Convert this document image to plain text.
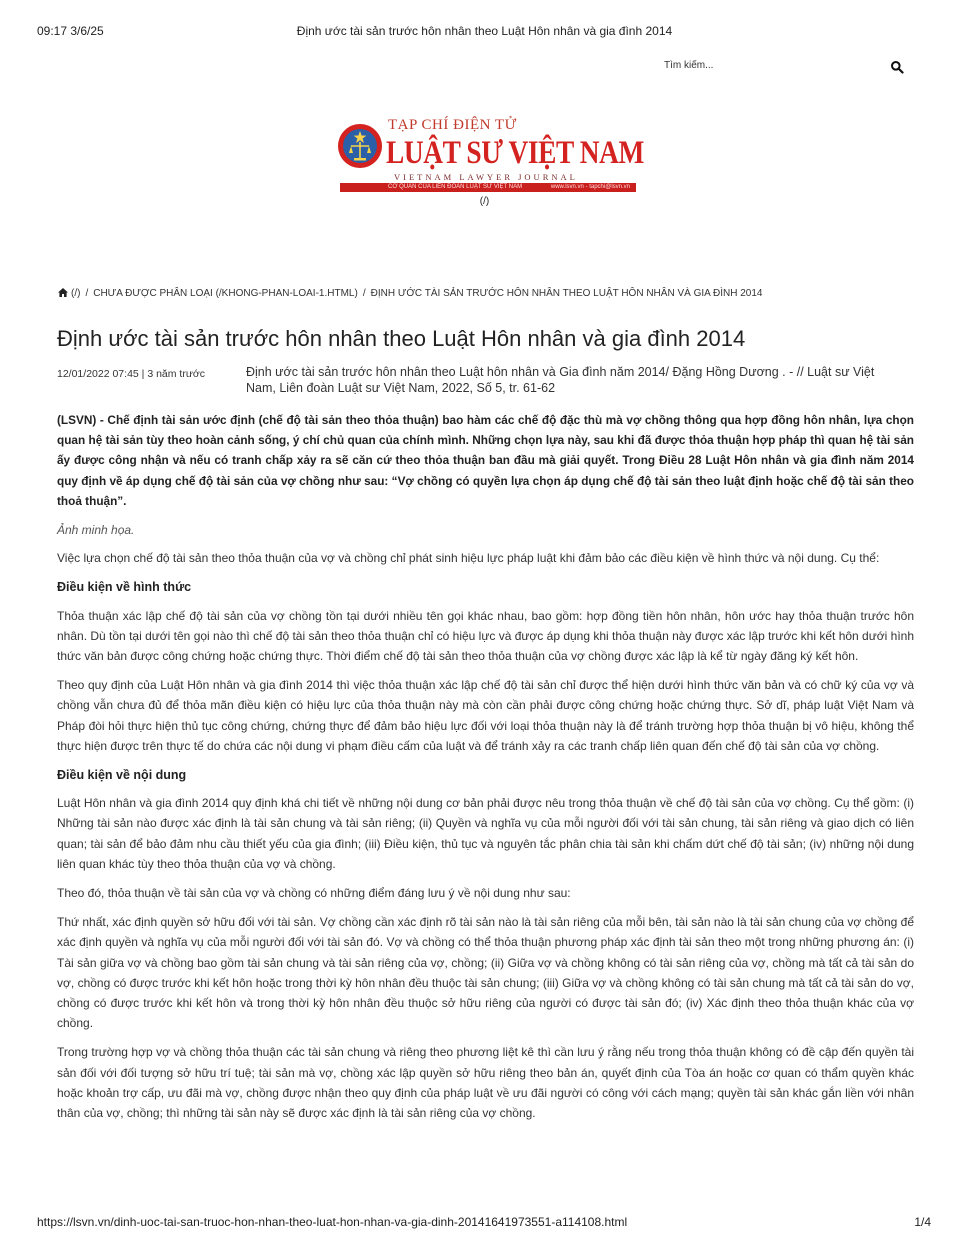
09:17 3/6/25	Định ước tài sản trước hôn nhân theo Luật Hôn nhân và gia đình 2014
Tìm kiếm...
TẠP CHÍ ĐIỆN TỬ
LUẬT SƯ VIỆT NAM
VIETNAM LAWYER JOURNAL
CƠ QUAN CỦA LIÊN ĐOÀN LUẬT SƯ VIỆT NAM	www.lsvn.vn - tapchi@lsvn.vn
(/)
(/) / CHƯA ĐƯỢC PHÂN LOẠI (/KHONG-PHAN-LOAI-1.HTML) / ĐỊNH ƯỚC TÀI SẢN TRƯỚC HÔN NHÂN THEO LUẬT HÔN NHÂN VÀ GIA ĐÌNH 2014
Định ước tài sản trước hôn nhân theo Luật Hôn nhân và gia đình 2014
12/01/2022 07:45 | 3 năm trước	Định ước tài sản trước hôn nhân theo Luật hôn nhân và Gia đình năm 2014/ Đặng Hồng Dương . - // Luật sư Việt Nam, Liên đoàn Luật sư Việt Nam, 2022, Số 5, tr. 61-62

(LSVN) - Chế định tài sản ước định (chế độ tài sản theo thỏa thuận) bao hàm các chế độ đặc thù mà vợ chồng thông qua hợp đồng hôn nhân, lựa chọn quan hệ tài sản tùy theo hoàn cảnh sống, ý chí chủ quan của chính mình. Những chọn lựa này, sau khi đã được thỏa thuận hợp pháp thì quan hệ tài sản ấy được công nhận và nếu có tranh chấp xảy ra sẽ căn cứ theo thỏa thuận ban đầu mà giải quyết. Trong Điều 28 Luật Hôn nhân và gia đình năm 2014 quy định về áp dụng chế độ tài sản của vợ chồng như sau: “Vợ chồng có quyền lựa chọn áp dụng chế độ tài sản theo luật định hoặc chế độ tài sản theo thoả thuận”.

Ảnh minh họa.

Việc lựa chọn chế độ tài sản theo thỏa thuận của vợ và chồng chỉ phát sinh hiệu lực pháp luật khi đảm bảo các điều kiện về hình thức và nội dung. Cụ thể:

Điều kiện về hình thức

Thỏa thuận xác lập chế độ tài sản của vợ chồng tồn tại dưới nhiều tên gọi khác nhau, bao gồm: hợp đồng tiền hôn nhân, hôn ước hay thỏa thuận trước hôn nhân. Dù tồn tại dưới tên gọi nào thì chế độ tài sản theo thỏa thuận chỉ có hiệu lực và được áp dụng khi thỏa thuận này được xác lập trước khi kết hôn dưới hình thức văn bản được công chứng hoặc chứng thực. Thời điểm chế độ tài sản theo thỏa thuận của vợ chồng được xác lập là kể từ ngày đăng ký kết hôn.

Theo quy định của Luật Hôn nhân và gia đình 2014 thì việc thỏa thuận xác lập chế độ tài sản chỉ được thể hiện dưới hình thức văn bản và có chữ ký của vợ và chồng vẫn chưa đủ để thỏa mãn điều kiện có hiệu lực của thỏa thuận này mà còn cần phải được công chứng hoặc chứng thực. Sở dĩ, pháp luật Việt Nam và Pháp đòi hỏi thực hiện thủ tục công chứng, chứng thực để đảm bảo hiệu lực đối với loại thỏa thuận này là để tránh trường hợp thỏa thuận bị vô hiệu, không thể thực hiện được trên thực tế do chứa các nội dung vi phạm điều cấm của luật và để tránh xảy ra các tranh chấp liên quan đến chế độ tài sản của vợ chồng.

Điều kiện về nội dung

Luật Hôn nhân và gia đình 2014 quy định khá chi tiết về những nội dung cơ bản phải được nêu trong thỏa thuận về chế độ tài sản của vợ chồng. Cụ thể gồm: (i) Những tài sản nào được xác định là tài sản chung và tài sản riêng; (ii) Quyền và nghĩa vụ của mỗi người đối với tài sản chung, tài sản riêng và giao dịch có liên quan; tài sản để bảo đảm nhu cầu thiết yếu của gia đình; (iii) Điều kiện, thủ tục và nguyên tắc phân chia tài sản khi chấm dứt chế độ tài sản; (iv) những nội dung liên quan khác tùy theo thỏa thuận của vợ và chồng.

Theo đó, thỏa thuận về tài sản của vợ và chồng có những điểm đáng lưu ý về nội dung như sau:

Thứ nhất, xác định quyền sở hữu đối với tài sản. Vợ chồng cần xác định rõ tài sản nào là tài sản riêng của mỗi bên, tài sản nào là tài sản chung của vợ chồng để xác định quyền và nghĩa vụ của mỗi người đối với tài sản đó. Vợ và chồng có thể thỏa thuận phương pháp xác định tài sản theo một trong những phương án: (i) Tài sản giữa vợ và chồng bao gồm tài sản chung và tài sản riêng của vợ, chồng; (ii) Giữa vợ và chồng không có tài sản riêng của vợ, chồng mà tất cả tài sản do vợ, chồng có được trước khi kết hôn hoặc trong thời kỳ hôn nhân đều thuộc tài sản chung; (iii) Giữa vợ và chồng không có tài sản chung mà tất cả tài sản do vợ, chồng có được trước khi kết hôn và trong thời kỳ hôn nhân đều thuộc sở hữu riêng của người có được tài sản đó; (iv) Xác định theo thỏa thuận khác của vợ chồng.

Trong trường hợp vợ và chồng thỏa thuận các tài sản chung và riêng theo phương liệt kê thì cần lưu ý rằng nếu trong thỏa thuận không có đề cập đến quyền tài sản đối với đối tượng sở hữu trí tuệ; tài sản mà vợ, chồng xác lập quyền sở hữu riêng theo bản án, quyết định của Tòa án hoặc cơ quan có thẩm quyền khác hoặc khoản trợ cấp, ưu đãi mà vợ, chồng được nhận theo quy định của pháp luật về ưu đãi người có công với cách mạng; quyền tài sản khác gắn liền với nhân thân của vợ, chồng; thì những tài sản này sẽ được xác định là tài sản riêng của vợ chồng.

https://lsvn.vn/dinh-uoc-tai-san-truoc-hon-nhan-theo-luat-hon-nhan-va-gia-dinh-20141641973551-a114108.html	1/4
